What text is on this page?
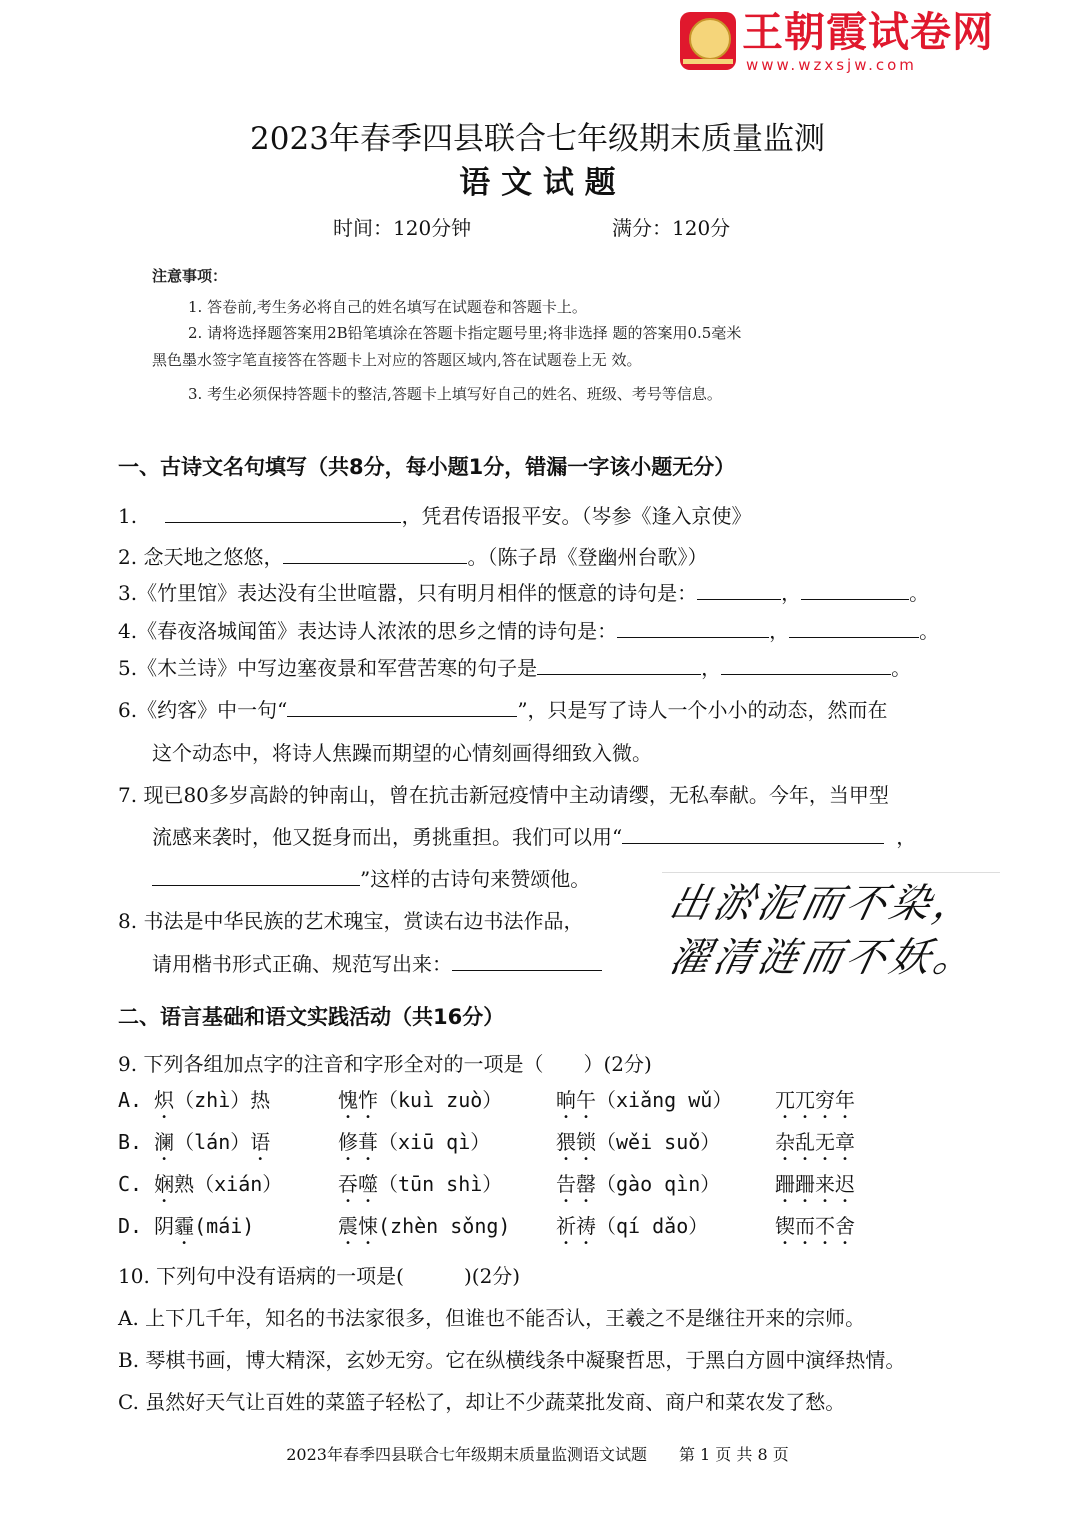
王朝霞试卷网
www.wzxsjw.com
2023年春季四县联合七年级期末质量监测
语 文 试 题
时间：120分钟	满分：120分
注意事项：
1. 答卷前,考生务必将自己的姓名填写在试题卷和答题卡上。
2. 请将选择题答案用2B铅笔填涂在答题卡指定题号里;将非选择 题的答案用0.5毫米
黑色墨水签字笔直接答在答题卡上对应的答题区域内,答在试题卷上无 效。
3. 考生必须保持答题卡的整洁,答题卡上填写好自己的姓名、班级、考号等信息。
一、古诗文名句填写（共8分，每小题1分，错漏一字该小题无分）
1.	，凭君传语报平安。（岑参《逢入京使》
2. 念天地之悠悠，	。（陈子昂《登幽州台歌》）
3.《竹里馆》表达没有尘世喧嚣，只有明月相伴的惬意的诗句是：	，	。
4.《春夜洛城闻笛》表达诗人浓浓的思乡之情的诗句是：	，	。
5.《木兰诗》中写边塞夜景和军营苦寒的句子是	，	。
6.《约客》中一句“	”，只是写了诗人一个小小的动态，然而在
这个动态中，将诗人焦躁而期望的心情刻画得细致入微。
7. 现已80多岁高龄的钟南山，曾在抗击新冠疫情中主动请缨，无私奉献。今年，当甲型
流感来袭时，他又挺身而出，勇挑重担。我们可以用“	，
”这样的古诗句来赞颂他。
8. 书法是中华民族的艺术瑰宝，赏读右边书法作品，
请用楷书形式正确、规范写出来：
出淤泥而不染，
濯清涟而不妖。
二、语言基础和语文实践活动（共16分）
9. 下列各组加点字的注音和字形全对的一项是（　　）(2分)
A. 炽（zhì）热	愧怍（kuì zuò）	晌午（xiǎng wǔ） 兀兀穷年
B. 澜（lán）语	修葺（xiū qì）	猥锁（wěi suǒ）	杂乱无章
C. 娴熟（xián）	吞噬（tūn shì）	告罄（gào qìn）	跚跚来迟
D. 阴霾(mái)	震悚(zhèn sǒng) 祈祷（qí dǎo）	锲而不舍
10. 下列句中没有语病的一项是(　　　)(2分)
A. 上下几千年，知名的书法家很多，但谁也不能否认，王羲之不是继往开来的宗师。
B. 琴棋书画，博大精深，玄妙无穷。它在纵横线条中凝聚哲思，于黑白方圆中演绎热情。
C. 虽然好天气让百姓的菜篮子轻松了，却让不少蔬菜批发商、商户和菜农发了愁。
2023年春季四县联合七年级期末质量监测语文试题　　第 1 页 共 8 页
